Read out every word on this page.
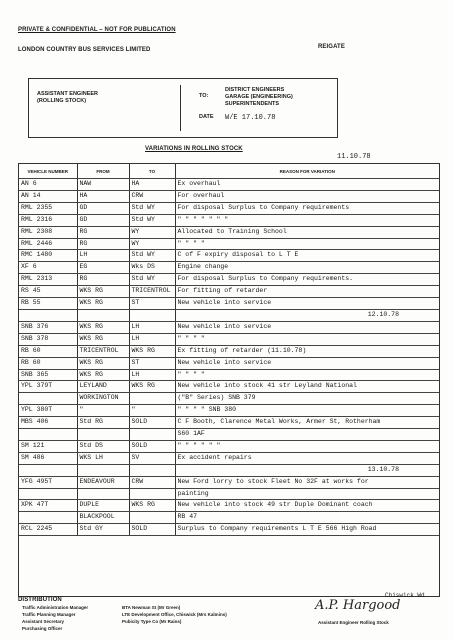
PRIVATE & CONFIDENTIAL – NOT FOR PUBLICATION
LONDON COUNTRY BUS SERVICES LIMITED	REIGATE
ASSISTANT ENGINEER
(ROLLING STOCK)
TO:
DISTRICT ENGINEERS
GARAGE (ENGINEERING)
SUPERINTENDENTS
DATE W/E 17.10.78
VARIATIONS IN ROLLING STOCK
11.10.78
VEHICLE NUMBER	FROM	TO	REASON FOR VARIATION
AN 6	NAW	HA	Ex overhaul
AN 14	HA	CRW	For overhaul
RML 2355	GD	Std WY	For disposal Surplus to Company requirements
RML 2316	GD	Std WY	" " " " " " "
RML 2308	RG	WY	Allocated to Training School
RML 2446	RG	WY	" " " "
RMC 1480	LH	Std WY	C of F expiry disposal to L T E
XF 6	EG	Wks DS	Engine change
RML 2313	RG	Std WY	For disposal Surplus to Company requirements.
RS 45	WKS RG	TRICENTROL	For fitting of retarder
RB 55	WKS RG	ST	New vehicle into service
			12.10.78
SNB 376	WKS RG	LH	New vehicle into service
SNB 378	WKS RG	LH	" " " "
RB 60	TRICENTROL	WKS RG	Ex fitting of retarder (11.10.78)
RB 60	WKS RG	ST	New vehicle into service
SNB 365	WKS RG	LH	" " " "
YPL 379T	LEYLAND	WKS RG	New vehicle into stock 41 str Leyland National
	WORKINGTON		("B" Series) SNB 379
YPL 380T	"	"	" " " " SNB 380
MBS 406	Std RG	SOLD	C F Booth, Clarence Metal Works, Armer St, Rotherham
			S60 1AF
SM 121	Std DS	SOLD	" " " " " "
SM 486	WKS LH	SV	Ex accident repairs
			13.10.78
YFG 495T	ENDEAVOUR	CRW	New Ford lorry to stock Fleet No 32F at works for
			painting
XPK 47T	DUPLE	WKS RG	New vehicle into stock 49 str Duple Dominant coach
	BLACKPOOL		RB 47
RCL 2245	Std GY	SOLD	Surplus to Company requirements L T E 566 High Road
DISTRIBUTION
Traffic Administration Manager
Traffic Planning Manager
Assistant Secretary
Purchasing Officer
BTA Newman St (Mr Green)
LTE Development Office, Chiswick (Mrs Kalmins)
Pubicity Type Co (Mr Rains)
Chiswick Wd
A.P. Hargood
Assistant Engineer Rolling Stock
